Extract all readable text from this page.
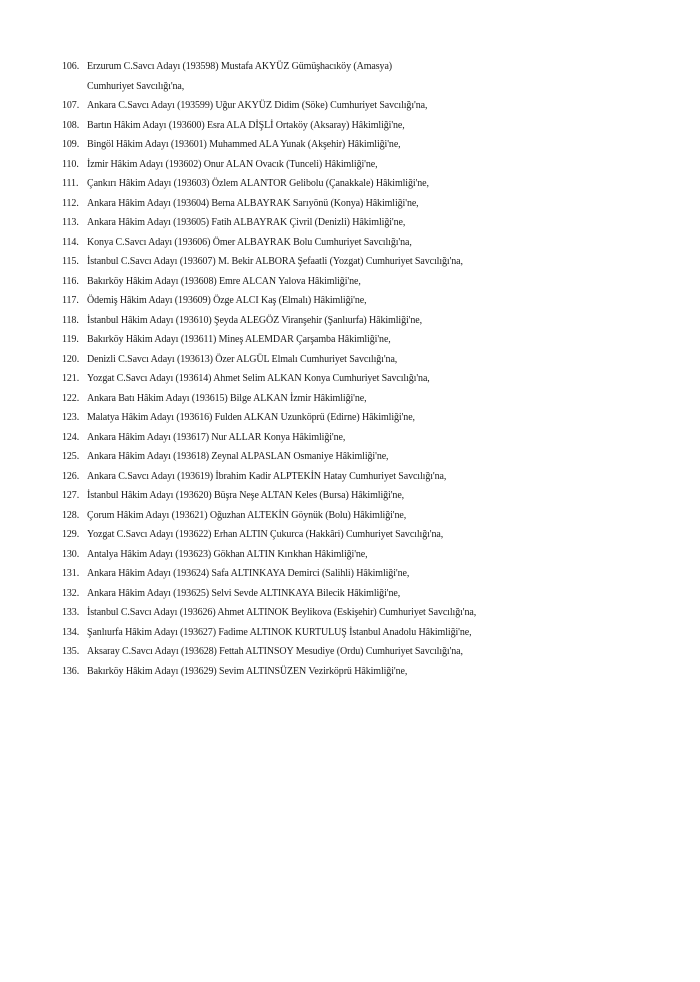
106. Erzurum C.Savcı Adayı (193598) Mustafa AKYÜZ Gümüşhacıköy (Amasya) Cumhuriyet Savcılığı'na,
107. Ankara C.Savcı Adayı (193599) Uğur AKYÜZ Didim (Söke) Cumhuriyet Savcılığı'na,
108. Bartın Hâkim Adayı (193600) Esra ALA DİŞLİ Ortaköy (Aksaray) Hâkimliği'ne,
109. Bingöl Hâkim Adayı (193601) Muhammed ALA Yunak (Akşehir) Hâkimliği'ne,
110. İzmir Hâkim Adayı (193602) Onur ALAN Ovacık (Tunceli) Hâkimliği'ne,
111. Çankırı Hâkim Adayı (193603) Özlem ALANTOR Gelibolu (Çanakkale) Hâkimliği'ne,
112. Ankara Hâkim Adayı (193604) Berna ALBAYRAK Sarıyönü (Konya) Hâkimliği'ne,
113. Ankara Hâkim Adayı (193605) Fatih ALBAYRAK Çivril (Denizli) Hâkimliği'ne,
114. Konya C.Savcı Adayı (193606) Ömer ALBAYRAK Bolu Cumhuriyet Savcılığı'na,
115. İstanbul C.Savcı Adayı (193607) M. Bekir ALBORA Şefaatli (Yozgat) Cumhuriyet Savcılığı'na,
116. Bakırköy Hâkim Adayı (193608) Emre ALCAN Yalova Hâkimliği'ne,
117. Ödemiş Hâkim Adayı (193609) Özge ALCI Kaş (Elmalı) Hâkimliği'ne,
118. İstanbul Hâkim Adayı (193610) Şeyda ALEGÖZ Viranşehir (Şanlıurfa) Hâkimliği'ne,
119. Bakırköy Hâkim Adayı (193611) Mineş ALEMDAR Çarşamba Hâkimliği'ne,
120. Denizli C.Savcı Adayı (193613) Özer ALGÜL Elmalı Cumhuriyet Savcılığı'na,
121. Yozgat C.Savcı Adayı (193614) Ahmet Selim ALKAN Konya Cumhuriyet Savcılığı'na,
122. Ankara Batı Hâkim Adayı (193615) Bilge ALKAN İzmir Hâkimliği'ne,
123. Malatya Hâkim Adayı (193616) Fulden ALKAN Uzunköprü (Edirne) Hâkimliği'ne,
124. Ankara Hâkim Adayı (193617) Nur ALLAR Konya Hâkimliği'ne,
125. Ankara Hâkim Adayı (193618) Zeynal ALPASLAN Osmaniye Hâkimliği'ne,
126. Ankara C.Savcı Adayı (193619) İbrahim Kadir ALPTEKİN Hatay Cumhuriyet Savcılığı'na,
127. İstanbul Hâkim Adayı (193620) Büşra Neşe ALTAN Keles (Bursa) Hâkimliği'ne,
128. Çorum Hâkim Adayı (193621) Oğuzhan ALTEKİN Göynük (Bolu) Hâkimliği'ne,
129. Yozgat C.Savcı Adayı (193622) Erhan ALTIN Çukurca (Hakkâri) Cumhuriyet Savcılığı'na,
130. Antalya Hâkim Adayı (193623) Gökhan ALTIN Kırıkhan Hâkimliği'ne,
131. Ankara Hâkim Adayı (193624) Safa ALTINKAYA Demirci (Salihli) Hâkimliği'ne,
132. Ankara Hâkim Adayı (193625) Selvi Sevde ALTINKAYA Bilecik Hâkimliği'ne,
133. İstanbul C.Savcı Adayı (193626) Ahmet ALTINOK Beylikova (Eskişehir) Cumhuriyet Savcılığı'na,
134. Şanlıurfa Hâkim Adayı (193627) Fadime ALTINOK KURTULUŞ İstanbul Anadolu Hâkimliği'ne,
135. Aksaray C.Savcı Adayı (193628) Fettah ALTINSOY Mesudiye (Ordu) Cumhuriyet Savcılığı'na,
136. Bakırköy Hâkim Adayı (193629) Sevim ALTINSÜZEN Vezirköprü Hâkimliği'ne,
